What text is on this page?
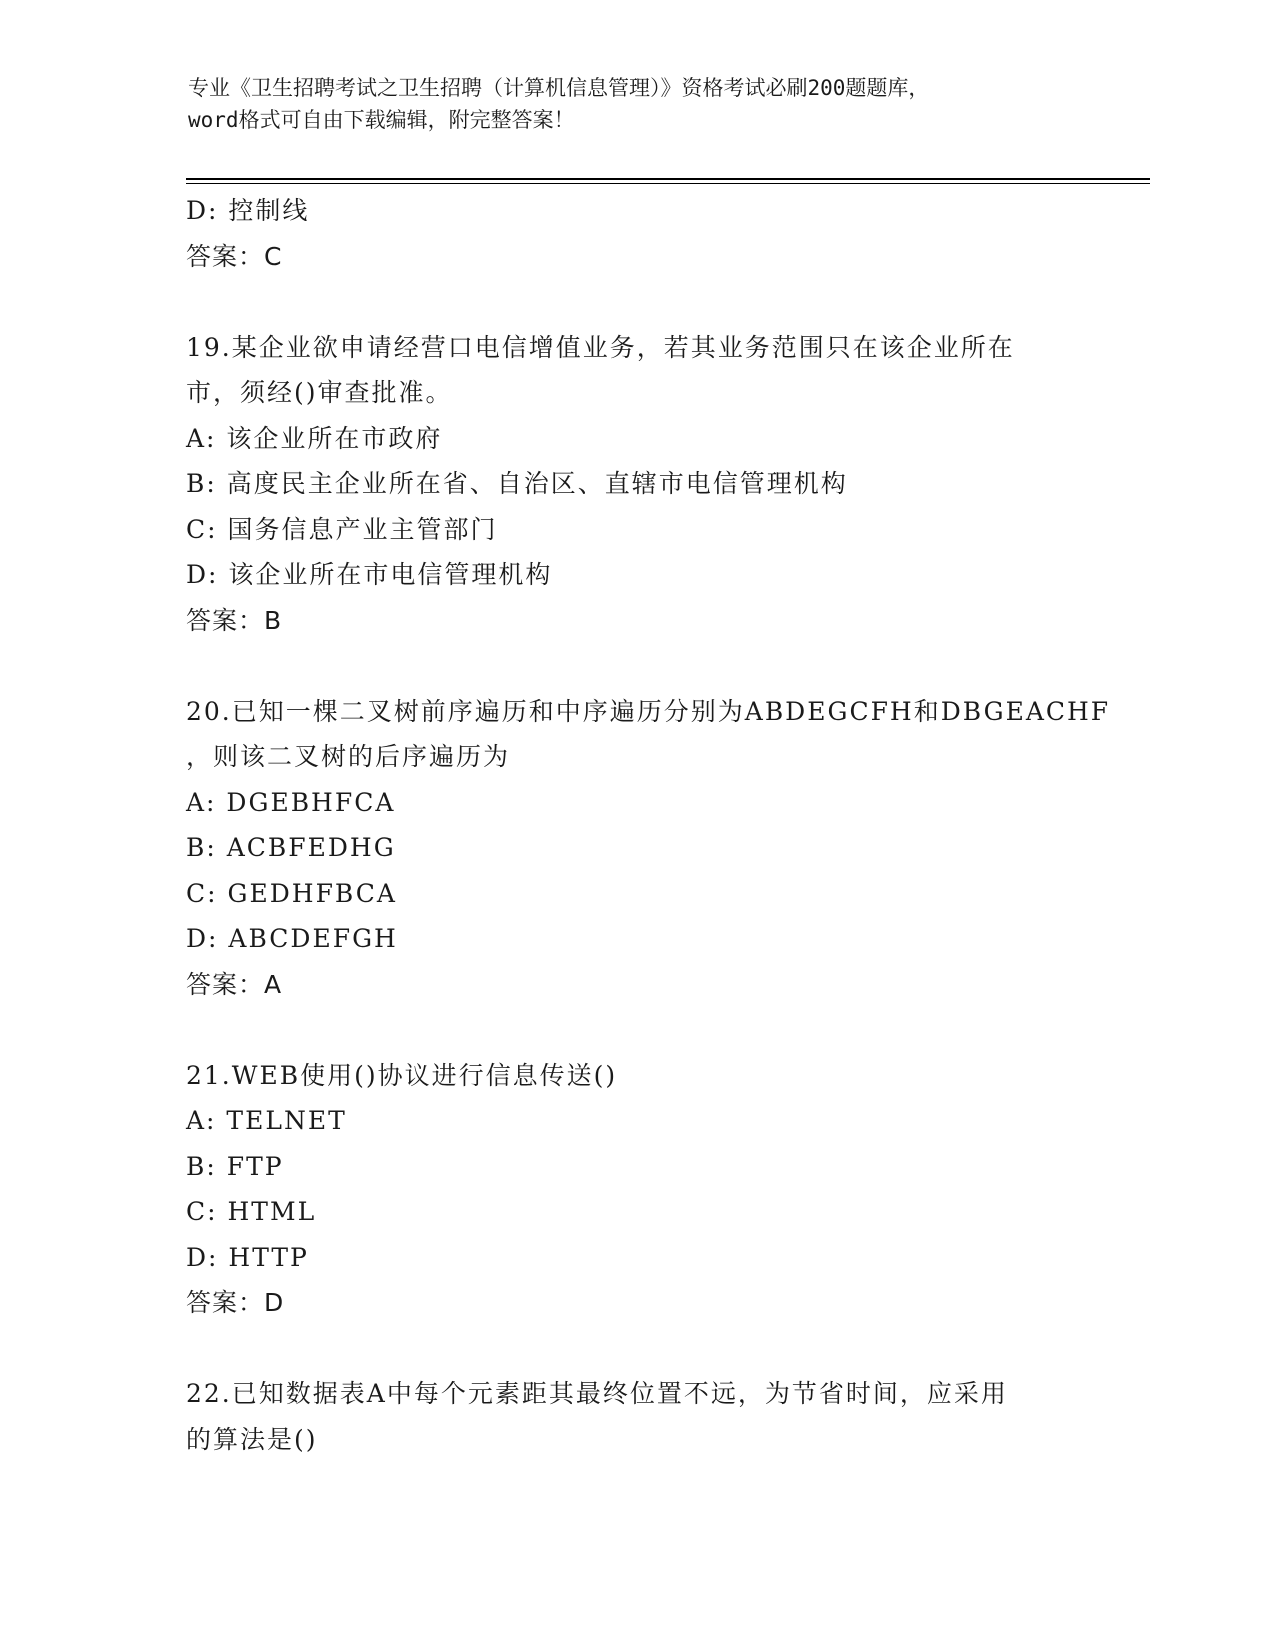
专业《卫生招聘考试之卫生招聘（计算机信息管理）》资格考试必刷200题题库，
word格式可自由下载编辑，附完整答案！
D: 控制线
答案：C
19.某企业欲申请经营口电信增值业务，若其业务范围只在该企业所在
市，须经()审查批准。
A: 该企业所在市政府
B: 高度民主企业所在省、自治区、直辖市电信管理机构
C: 国务信息产业主管部门
D: 该企业所在市电信管理机构
答案：B
20.已知一棵二叉树前序遍历和中序遍历分别为ABDEGCFH和DBGEACHF
，则该二叉树的后序遍历为
A: DGEBHFCA
B: ACBFEDHG
C: GEDHFBCA
D: ABCDEFGH
答案：A
21.WEB使用()协议进行信息传送()
A: TELNET
B: FTP
C: HTML
D: HTTP
答案：D
22.已知数据表A中每个元素距其最终位置不远，为节省时间，应采用
的算法是()
